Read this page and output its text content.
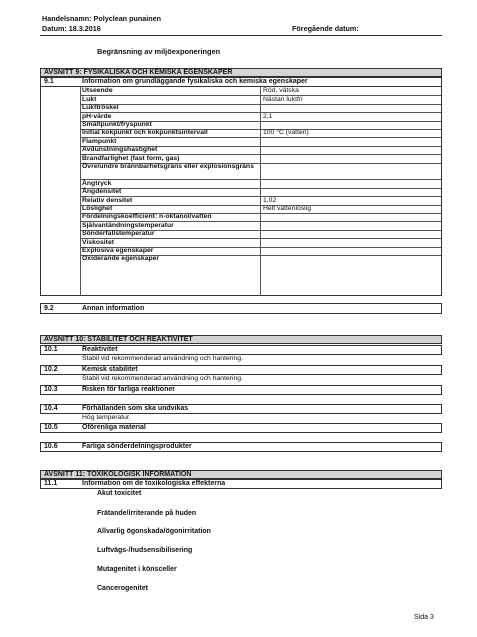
Handelsnamn: Polyclean punainen
Datum: 18.3.2016	Föregående datum:
Begränsning av miljöexponeringen
AVSNITT 9: FYSIKALISKA OCH KEMISKA EGENSKAPER
9.1	Information om grundläggande fysikaliska och kemiska egenskaper
Utseende	Röd, vätska
Lukt	Nästan luktfri
Lukttröskel
pH-värde	2,1
Smältpunkt/fryspunkt
Initial kokpunkt och kokpunktsintervall	100 °C (vatten)
Flampunkt
Avdunstningshastighet
Brandfarlighet (fast form, gas)
Övre/undre brännbarhetsgräns eller explosionsgräns
Ångtryck
Ångdensitet
Relativ densitet	1,02
Löslighet	Helt vattenlöslig
Fördelningskoefficient: n-oktanol/vatten
Självantändningstemperatur
Sönderfallstemperatur
Viskositet
Explosiva egenskaper
Oxiderande egenskaper
9.2	Annan information
AVSNITT 10: STABILITET OCH REAKTIVITET
10.1	Reaktivitet
Stabil vid rekommenderad användning och hantering.
10.2	Kemisk stabilitet
Stabil vid rekommenderad användning och hantering.
10.3	Risken för farliga reaktioner
10.4	Förhållanden som ska undvikas
Hög temperatur.
10.5	Oförenliga material
10.6	Farliga sönderdelningsprodukter
AVSNITT 11: TOXIKOLOGISK INFORMATION
11.1	Information om de toxikologiska effekterna
Akut toxicitet
Frätande/irriterande på huden
Allvarlig ögonskada/ögonirritation
Luftvägs-/hudsensibilisering
Mutagenitet i könsceller
Cancerogenitet
Sida 3
